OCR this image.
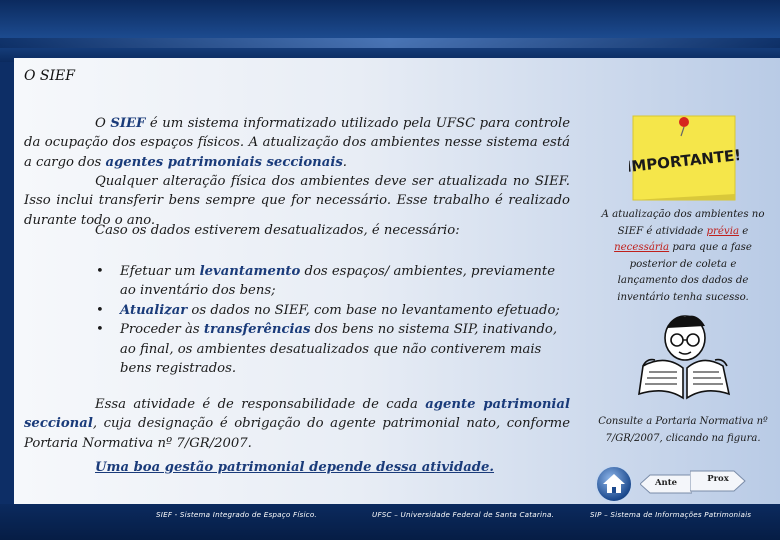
O SIEF

O SIEF é um sistema informatizado utilizado pela UFSC para controle da ocupação dos espaços físicos. A atualização dos ambientes nesse sistema está a cargo dos agentes patrimoniais seccionais.

Qualquer alteração física dos ambientes deve ser atualizada no SIEF. Isso inclui transferir bens sempre que for necessário. Esse trabalho é realizado durante todo o ano.

Caso os dados estiverem desatualizados, é necessário:

• Efetuar um levantamento dos espaços/ ambientes, previamente ao inventário dos bens;
• Atualizar os dados no SIEF, com base no levantamento efetuado;
• Proceder às transferências dos bens no sistema SIP, inativando, ao final, os ambientes desatualizados que não contiverem mais bens registrados.

Essa atividade é de responsabilidade de cada agente patrimonial seccional, cuja designação é obrigação do agente patrimonial nato, conforme Portaria Normativa nº 7/GR/2007.

Uma boa gestão patrimonial depende dessa atividade.

IMPORTANTE!
A atualização dos ambientes no SIEF é atividade prévia e necessária para que a fase posterior de coleta e lançamento dos dados de inventário tenha sucesso.
Consulte a Portaria Normativa nº 7/GR/2007, clicando na figura.
Ante	Prox
SIEF - Sistema Integrado de Espaço Físico.	UFSC – Universidade Federal de Santa Catarina.	SIP – Sistema de Informações Patrimoniais
